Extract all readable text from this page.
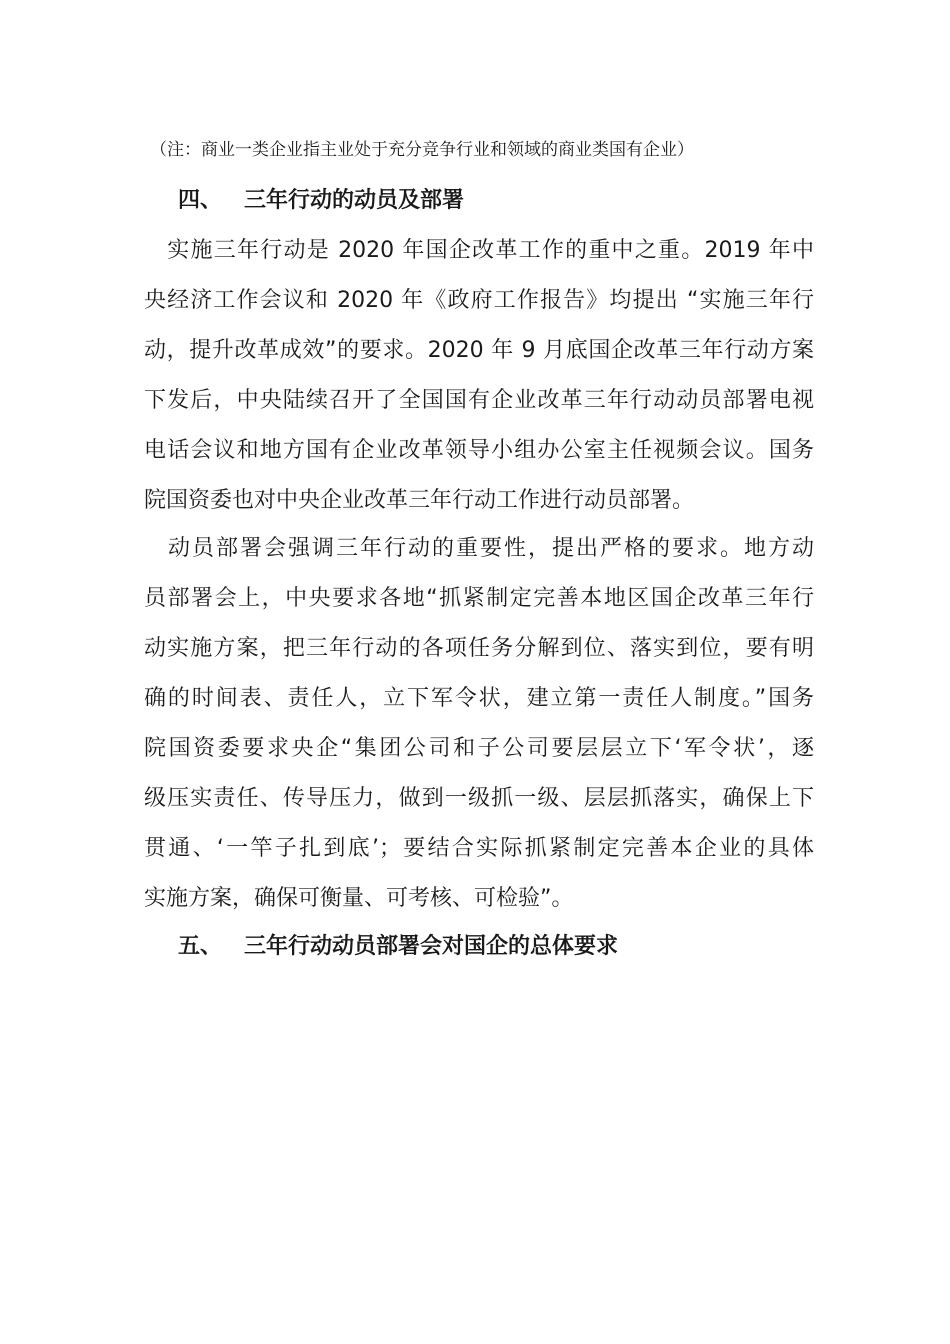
（注：商业一类企业指主业处于充分竞争行业和领域的商业类国有企业）
四、 三年行动的动员及部署
　实施三年行动是 2020 年国企改革工作的重中之重。2019 年中
央经济工作会议和 2020 年《政府工作报告》均提出 “实施三年行
动，提升改革成效”的要求。2020 年 9 月底国企改革三年行动方案
下发后，中央陆续召开了全国国有企业改革三年行动动员部署电视
电话会议和地方国有企业改革领导小组办公室主任视频会议。国务
院国资委也对中央企业改革三年行动工作进行动员部署。
　动员部署会强调三年行动的重要性，提出严格的要求。地方动
员部署会上，中央要求各地“抓紧制定完善本地区国企改革三年行
动实施方案，把三年行动的各项任务分解到位、落实到位，要有明
确的时间表、责任人，立下军令状，建立第一责任人制度。”国务
院国资委要求央企“集团公司和子公司要层层立下‘军令状’，逐
级压实责任、传导压力，做到一级抓一级、层层抓落实，确保上下
贯通、‘一竿子扎到底’；要结合实际抓紧制定完善本企业的具体
实施方案，确保可衡量、可考核、可检验”。
五、 三年行动动员部署会对国企的总体要求
